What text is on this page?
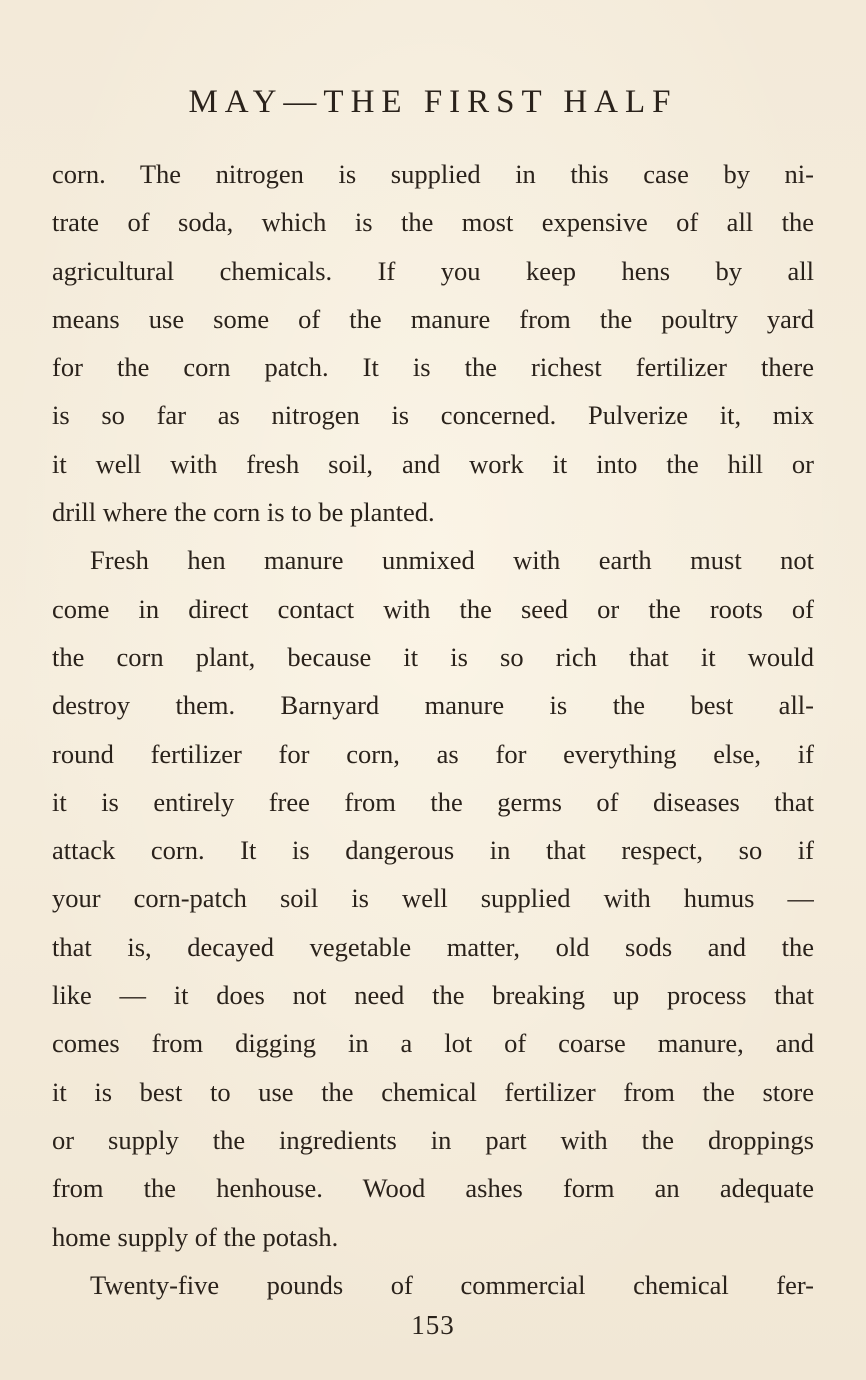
MAY—THE FIRST HALF
corn. The nitrogen is supplied in this case by ni-
trate of soda, which is the most expensive of all the
agricultural chemicals. If you keep hens by all
means use some of the manure from the poultry yard
for the corn patch. It is the richest fertilizer there
is so far as nitrogen is concerned. Pulverize it, mix
it well with fresh soil, and work it into the hill or
drill where the corn is to be planted.
Fresh hen manure unmixed with earth must not
come in direct contact with the seed or the roots of
the corn plant, because it is so rich that it would
destroy them. Barnyard manure is the best all-
round fertilizer for corn, as for everything else, if
it is entirely free from the germs of diseases that
attack corn. It is dangerous in that respect, so if
your corn-patch soil is well supplied with humus —
that is, decayed vegetable matter, old sods and the
like — it does not need the breaking up process that
comes from digging in a lot of coarse manure, and
it is best to use the chemical fertilizer from the store
or supply the ingredients in part with the droppings
from the henhouse. Wood ashes form an adequate
home supply of the potash.
Twenty-five pounds of commercial chemical fer-
153
